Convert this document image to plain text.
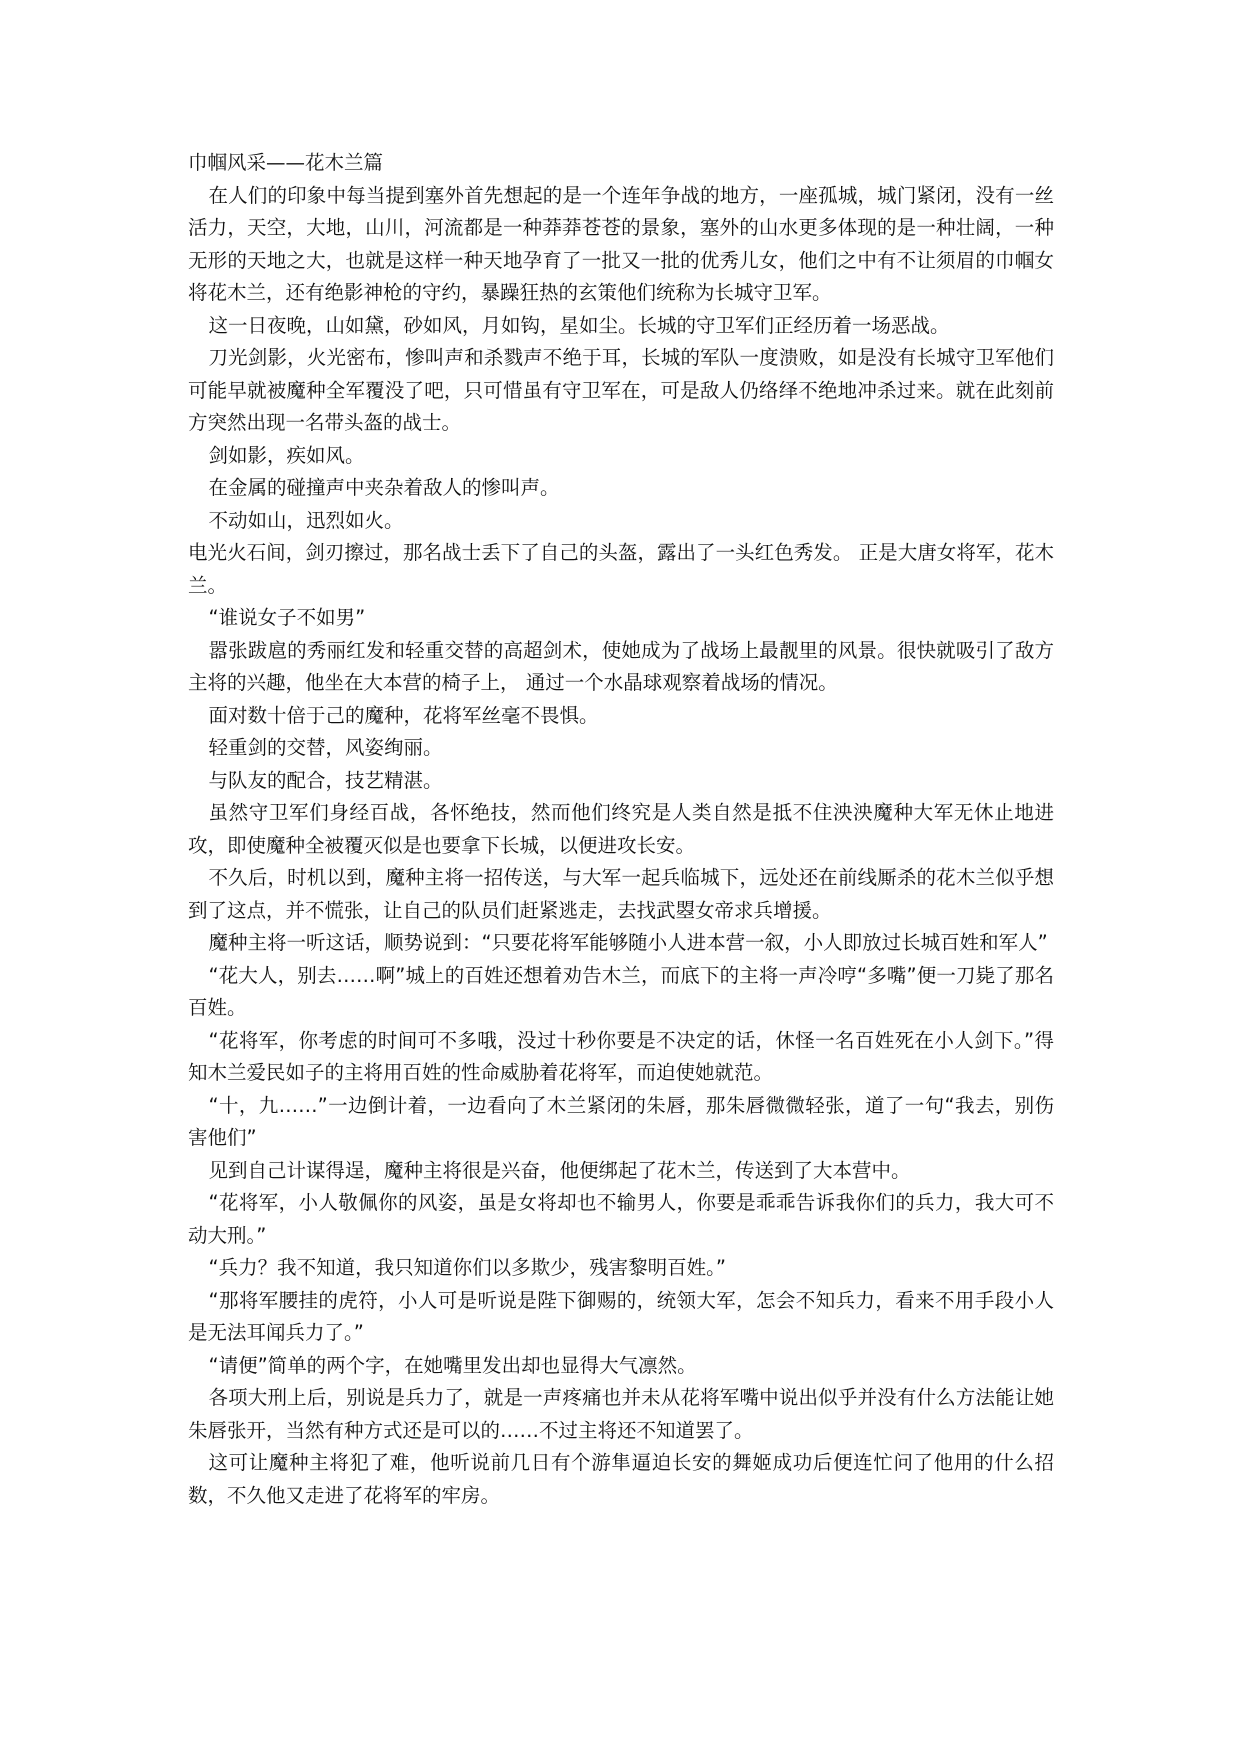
巾帼风采——花木兰篇

在人们的印象中每当提到塞外首先想起的是一个连年争战的地方，一座孤城，城门紧闭，没有一丝活力，天空，大地，山川，河流都是一种莽莽苍苍的景象，塞外的山水更多体现的是一种壮阔，一种无形的天地之大，也就是这样一种天地孕育了一批又一批的优秀儿女，他们之中有不让须眉的巾帼女将花木兰，还有绝影神枪的守约，暴躁狂热的玄策他们统称为长城守卫军。

这一日夜晚，山如黛，砂如风，月如钩，星如尘。长城的守卫军们正经历着一场恶战。

刀光剑影，火光密布，惨叫声和杀戮声不绝于耳，长城的军队一度溃败，如是没有长城守卫军他们可能早就被魔种全军覆没了吧，只可惜虽有守卫军在，可是敌人仍络绎不绝地冲杀过来。就在此刻前方突然出现一名带头盔的战士。

剑如影，疾如风。

在金属的碰撞声中夹杂着敌人的惨叫声。

不动如山，迅烈如火。

电光火石间，剑刃擦过，那名战士丢下了自己的头盔，露出了一头红色秀发。 正是大唐女将军，花木兰。

“谁说女子不如男”

嚣张跋扈的秀丽红发和轻重交替的高超剑术，使她成为了战场上最靓里的风景。很快就吸引了敌方主将的兴趣，他坐在大本营的椅子上， 通过一个水晶球观察着战场的情况。

面对数十倍于己的魔种，花将军丝毫不畏惧。

轻重剑的交替，风姿绚丽。

与队友的配合，技艺精湛。

虽然守卫军们身经百战，各怀绝技，然而他们终究是人类自然是抵不住泱泱魔种大军无休止地进攻，即使魔种全被覆灭似是也要拿下长城，以便进攻长安。

不久后，时机以到，魔种主将一招传送，与大军一起兵临城下，远处还在前线厮杀的花木兰似乎想到了这点，并不慌张，让自己的队员们赶紧逃走，去找武曌女帝求兵增援。

魔种主将一听这话，顺势说到：“只要花将军能够随小人进本营一叙，小人即放过长城百姓和军人”

“花大人，别去……啊”城上的百姓还想着劝告木兰，而底下的主将一声冷哼“多嘴”便一刀毙了那名百姓。

“花将军，你考虑的时间可不多哦，没过十秒你要是不决定的话，休怪一名百姓死在小人剑下。”得知木兰爱民如子的主将用百姓的性命威胁着花将军，而迫使她就范。

“十，九……”一边倒计着，一边看向了木兰紧闭的朱唇，那朱唇微微轻张，道了一句“我去，别伤害他们”

见到自己计谋得逞，魔种主将很是兴奋，他便绑起了花木兰，传送到了大本营中。

“花将军，小人敬佩你的风姿，虽是女将却也不输男人，你要是乖乖告诉我你们的兵力，我大可不动大刑。”

“兵力？我不知道，我只知道你们以多欺少，残害黎明百姓。”

“那将军腰挂的虎符，小人可是听说是陛下御赐的，统领大军，怎会不知兵力，看来不用手段小人是无法耳闻兵力了。”

“请便”简单的两个字，在她嘴里发出却也显得大气凛然。

各项大刑上后，别说是兵力了，就是一声疼痛也并未从花将军嘴中说出似乎并没有什么方法能让她朱唇张开，当然有种方式还是可以的……不过主将还不知道罢了。

这可让魔种主将犯了难，他听说前几日有个游隼逼迫长安的舞姬成功后便连忙问了他用的什么招数，不久他又走进了花将军的牢房。
